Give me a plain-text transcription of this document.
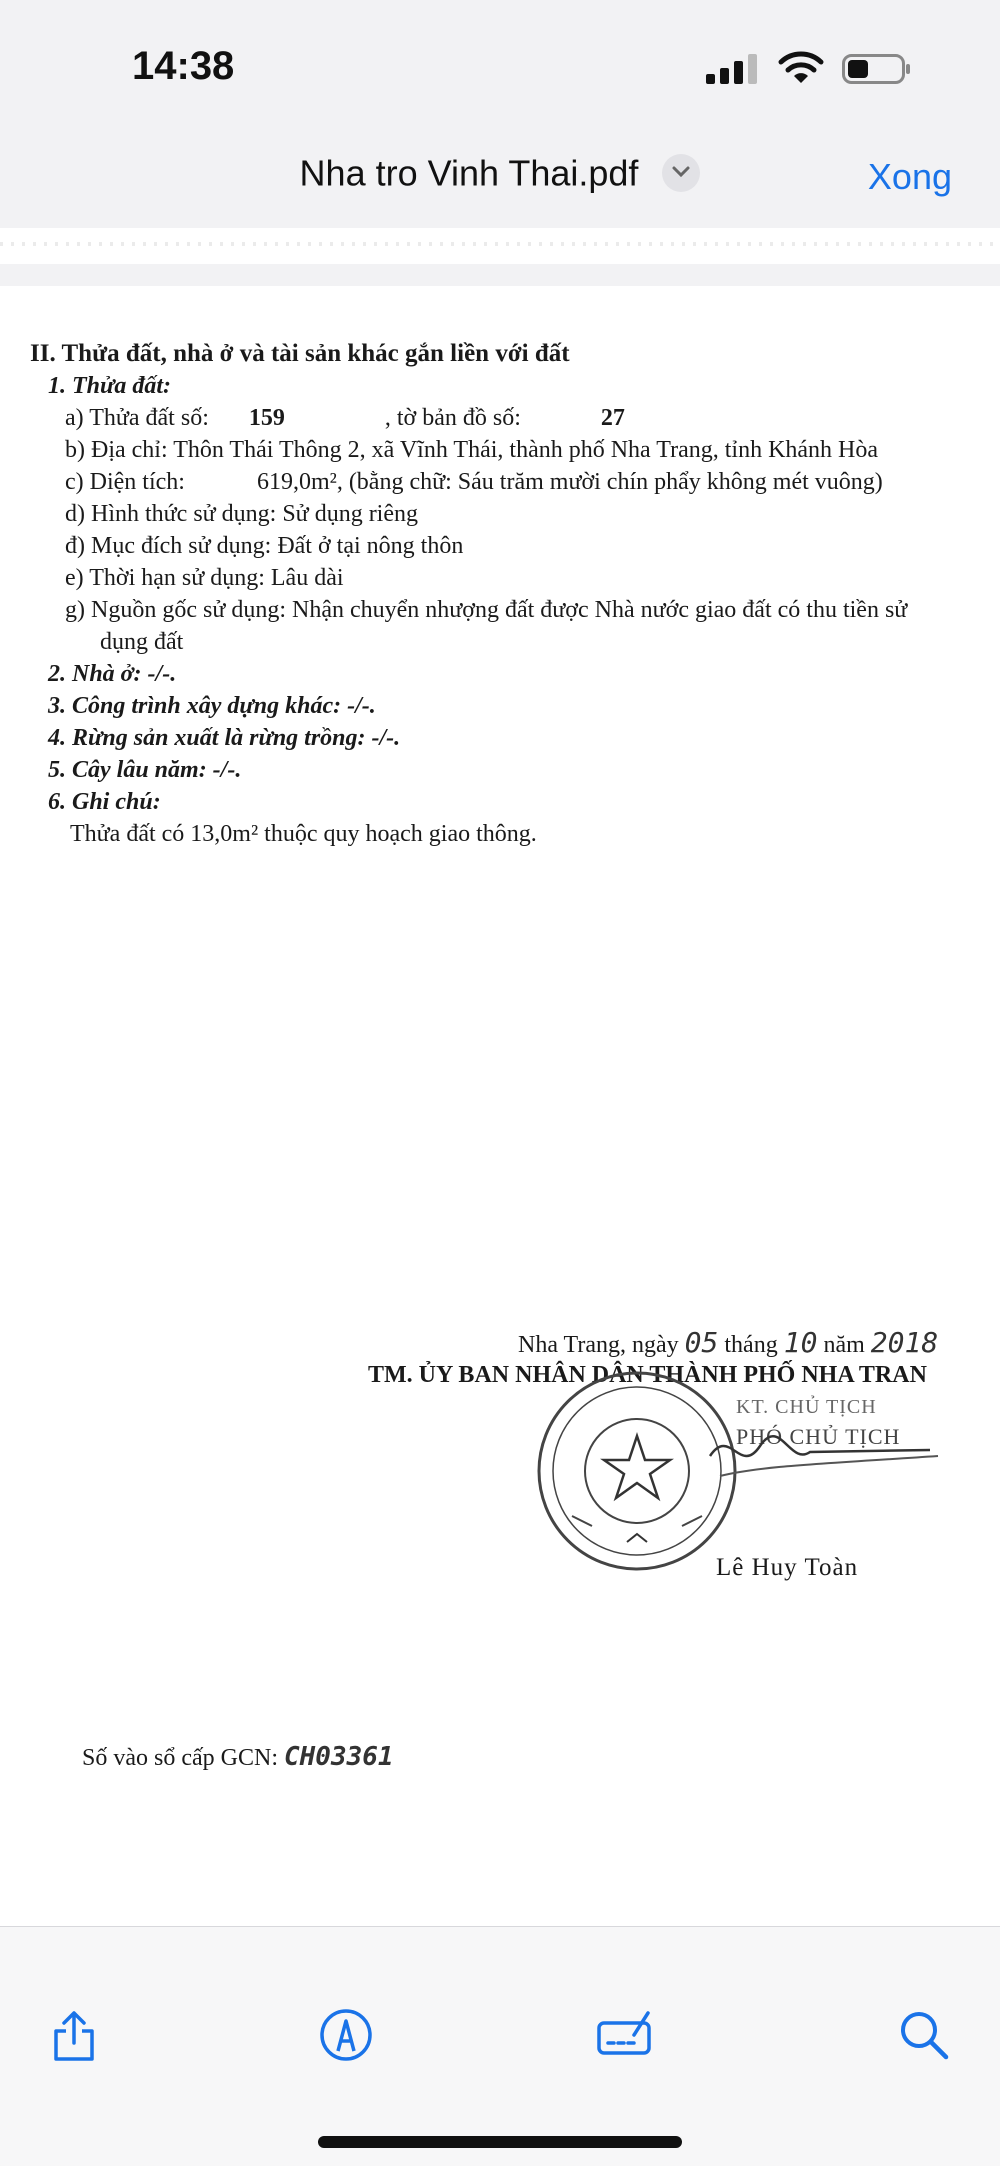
14:38
Nha tro Vinh Thai.pdf	Xong
II. Thửa đất, nhà ở và tài sản khác gắn liền với đất
1. Thửa đất:
a) Thửa đất số: 159	, tờ bản đồ số:	27
b) Địa chỉ: Thôn Thái Thông 2, xã Vĩnh Thái, thành phố Nha Trang, tỉnh Khánh Hòa
c) Diện tích:	619,0m², (bằng chữ: Sáu trăm mười chín phẩy không mét vuông)
d) Hình thức sử dụng: Sử dụng riêng
đ) Mục đích sử dụng: Đất ở tại nông thôn
e) Thời hạn sử dụng: Lâu dài
g) Nguồn gốc sử dụng: Nhận chuyển nhượng đất được Nhà nước giao đất có thu tiền sử
dụng đất
2. Nhà ở: -/-.
3. Công trình xây dựng khác: -/-.
4. Rừng sản xuất là rừng trồng: -/-.
5. Cây lâu năm: -/-.
6. Ghi chú:
Thửa đất có 13,0m² thuộc quy hoạch giao thông.
Nha Trang, ngày 05 tháng 10 năm 2018
TM. ỦY BAN NHÂN DÂN THÀNH PHỐ NHA TRAN
KT. CHỦ TỊCH
PHÓ CHỦ TỊCH
Lê Huy Toàn
Số vào sổ cấp GCN: CH03361
